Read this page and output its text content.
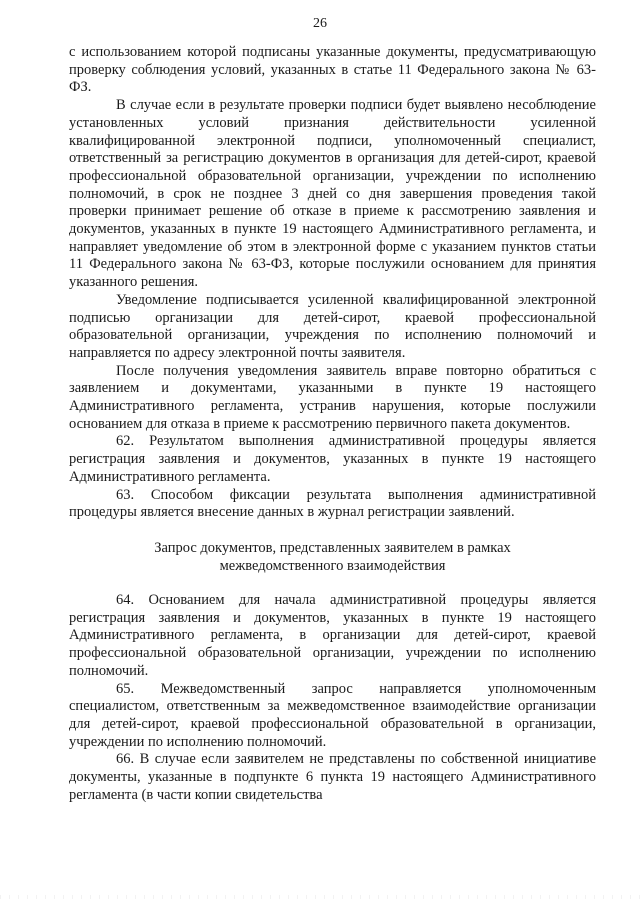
26

с использованием которой подписаны указанные документы, предусматривающую проверку соблюдения условий, указанных в статье 11 Федерального закона № 63-ФЗ.

В случае если в результате проверки подписи будет выявлено несоблюдение установленных условий признания действительности усиленной квалифицированной электронной подписи, уполномоченный специалист, ответственный за регистрацию документов в организация для детей-сирот, краевой профессиональной образовательной организации, учреждении по исполнению полномочий, в срок не позднее 3 дней со дня завершения проведения такой проверки принимает решение об отказе в приеме к рассмотрению заявления и документов, указанных в пункте 19 настоящего Административного регламента, и направляет уведомление об этом в электронной форме с указанием пунктов статьи 11 Федерального закона № 63-ФЗ, которые послужили основанием для принятия указанного решения.

Уведомление подписывается усиленной квалифицированной электронной подписью организации для детей-сирот, краевой профессиональной образовательной организации, учреждения по исполнению полномочий и направляется по адресу электронной почты заявителя.

После получения уведомления заявитель вправе повторно обратиться с заявлением и документами, указанными в пункте 19 настоящего Административного регламента, устранив нарушения, которые послужили основанием для отказа в приеме к рассмотрению первичного пакета документов.

62. Результатом выполнения административной процедуры является регистрация заявления и документов, указанных в пункте 19 настоящего Административного регламента.

63. Способом фиксации результата выполнения административной процедуры является внесение данных в журнал регистрации заявлений.

Запрос документов, представленных заявителем в рамках
межведомственного взаимодействия

64. Основанием для начала административной процедуры является регистрация заявления и документов, указанных в пункте 19 настоящего Административного регламента, в организации для детей-сирот, краевой профессиональной образовательной организации, учреждении по исполнению полномочий.

65. Межведомственный запрос направляется уполномоченным специалистом, ответственным за межведомственное взаимодействие организации для детей-сирот, краевой профессиональной образовательной в организации, учреждении по исполнению полномочий.

66. В случае если заявителем не представлены по собственной инициативе документы, указанные в подпункте 6 пункта 19 настоящего Административного регламента (в части копии свидетельства
